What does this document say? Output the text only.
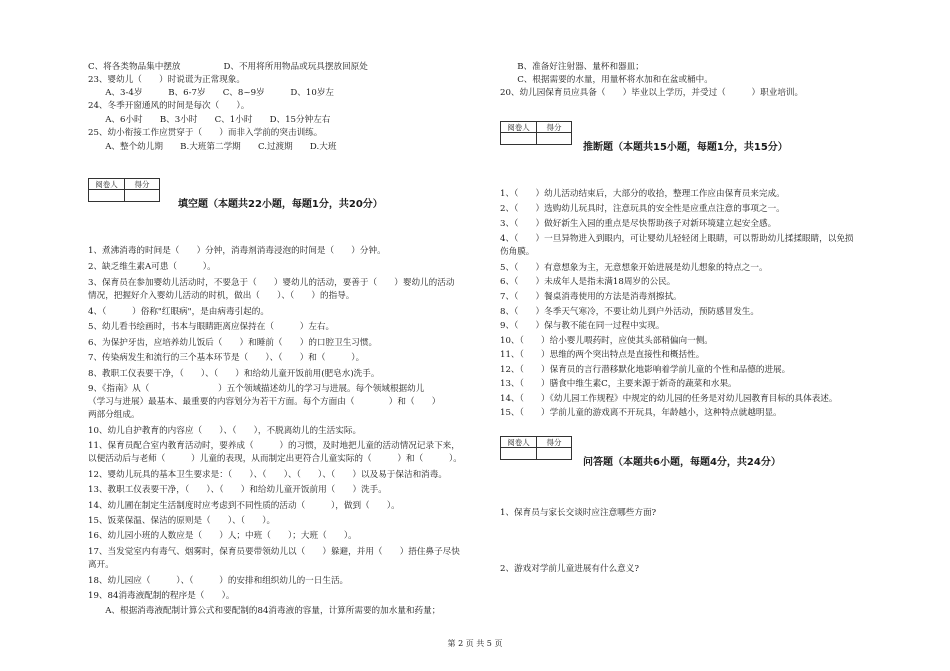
C、将各类物品集中摆放　　　　　D、不用将所用物品或玩具摆放回原处
23、婴幼儿（　　）时说谎为正常现象。
　　A、3-4岁　　　B、6-7岁　　C、8~9岁　　　D、10岁左
24、冬季开窗通风的时间是每次（　　）。
　　A、6小时　　B、3小时　　C、1小时　　D、15分钟左右
25、幼小衔接工作应贯穿于（　　）而非入学前的突击训练。
　　A、整个幼儿期　　B.大班第二学期　　C.过渡期　　D.大班
阅卷人	得分
填空题（本题共22小题，每题1分，共20分）
1、煮沸消毒的时间是（　　）分钟，消毒剂消毒浸泡的时间是（　　）分钟。
2、缺乏维生素A可患（　　　）。
3、保育员在参加婴幼儿活动时，不要急于（　　）婴幼儿的活动，要善于（　　）婴幼儿的活动
情况，把握好介入婴幼儿活动的时机，做出（　　）、（　　）的指导。
4、（　　　）俗称"红眼病"，是由病毒引起的。
5、幼儿看书绘画时，书本与眼睛距离应保持在（　　　）左右。
6、为保护牙齿，应培养幼儿饭后（　　）和睡前（　　）的口腔卫生习惯。
7、传染病发生和流行的三个基本环节是（　　）、（　　）和（　　　）。
8、教职工仪表要干净，（　　）、（　　）和给幼儿童开饭前用(肥皂水)洗手。
9、《指南》从（　　　　　　　　）五个领域描述幼儿的学习与进展。每个领域根据幼儿
（学习与进展）最基本、最重要的内容划分为若干方面。每个方面由（　　　　）和（　　）
两部分组成。
10、幼儿自护教育的内容应（　　）、（　　），不脱离幼儿的生活实际。
11、保育员配合室内教育活动时，要养成（　　　）的习惯，及时地把儿童的活动情况记录下来，
以便活动后与老师（　　　）儿童的表现，从而制定出更符合儿童实际的（　　　）和（　　　）。
12、婴幼儿玩具的基本卫生要求是：（　　）、（　　）、（　　）、（　　）以及易于保洁和消毒。
13、教职工仪表要干净，（　　）、（　　）和给幼儿童开饭前用（　　）洗手。
14、幼儿圃在制定生活制度时应考虑到不同性质的活动（　　　），做到（　　）。
15、饭菜保温、保洁的原则是（　　）、（　　）。
16、幼儿园小班的人数应是（　　）人；中班（　　）；大班（　　）。
17、当发觉室内有毒气、烟雾时，保育员要带领幼儿以（　　）躲避，并用（　　）捂住鼻子尽快
离开。
18、幼儿园应（　　　）、（　　　）的安排和组织幼儿的一日生活。
19、84消毒液配制的程序是（　　）。
　　A、根据消毒液配制计算公式和要配制的84消毒液的容量，计算所需要的加水量和药量；
　　B、准备好注射器、量杯和器皿；
　　C、根据需要的水量，用量杯将水加和在盆或桶中。
20、幼儿园保育员应具备（　　）毕业以上学历，并受过（　　　）职业培训。
阅卷人	得分
推断题（本题共15小题，每题1分，共15分）
1、（　　）幼儿活动结束后，大部分的收拾，整理工作应由保育员来完成。
2、（　　）选购幼儿玩具时，注意玩具的安全性是应重点注意的事项之一。
3、（　　）做好新生入园的重点是尽快帮助孩子对新环境建立起安全感。
4、（　　）一旦异物进入到眼内，可让婴幼儿轻轻闭上眼睛，可以帮助幼儿揉揉眼睛，以免损
伤角膜。
5、（　　）有意想象为主，无意想象开始进展是幼儿想象的特点之一。
6、（　　）未成年人是指未满18周岁的公民。
7、（　　）餐桌消毒使用的方法是消毒剂擦拭。
8、（　　）冬季天气寒冷，不要让幼儿到户外活动，预防感冒发生。
9、（　　）保与教不能在同一过程中实现。
10、（　　）给小婴儿喂药时，应使其头部稍偏向一侧。
11、（　　）思维的两个突出特点是直接性和概括性。
12、（　　）保育员的言行潜移默化地影响着学前儿童的个性和品德的进展。
13、（　　）膳食中维生素C，主要来源于新奇的蔬菜和水果。
14、（　　）《幼儿园工作规程》中规定的幼儿园的任务是对幼儿园教育目标的具体表述。
15、（　　）学前儿童的游戏离不开玩具，年龄越小，这种特点就越明显。
阅卷人	得分
问答题（本题共6小题，每题4分，共24分）
1、保育员与家长交谈时应注意哪些方面?
2、游戏对学前儿童进展有什么意义?
第 2 页 共 5 页
